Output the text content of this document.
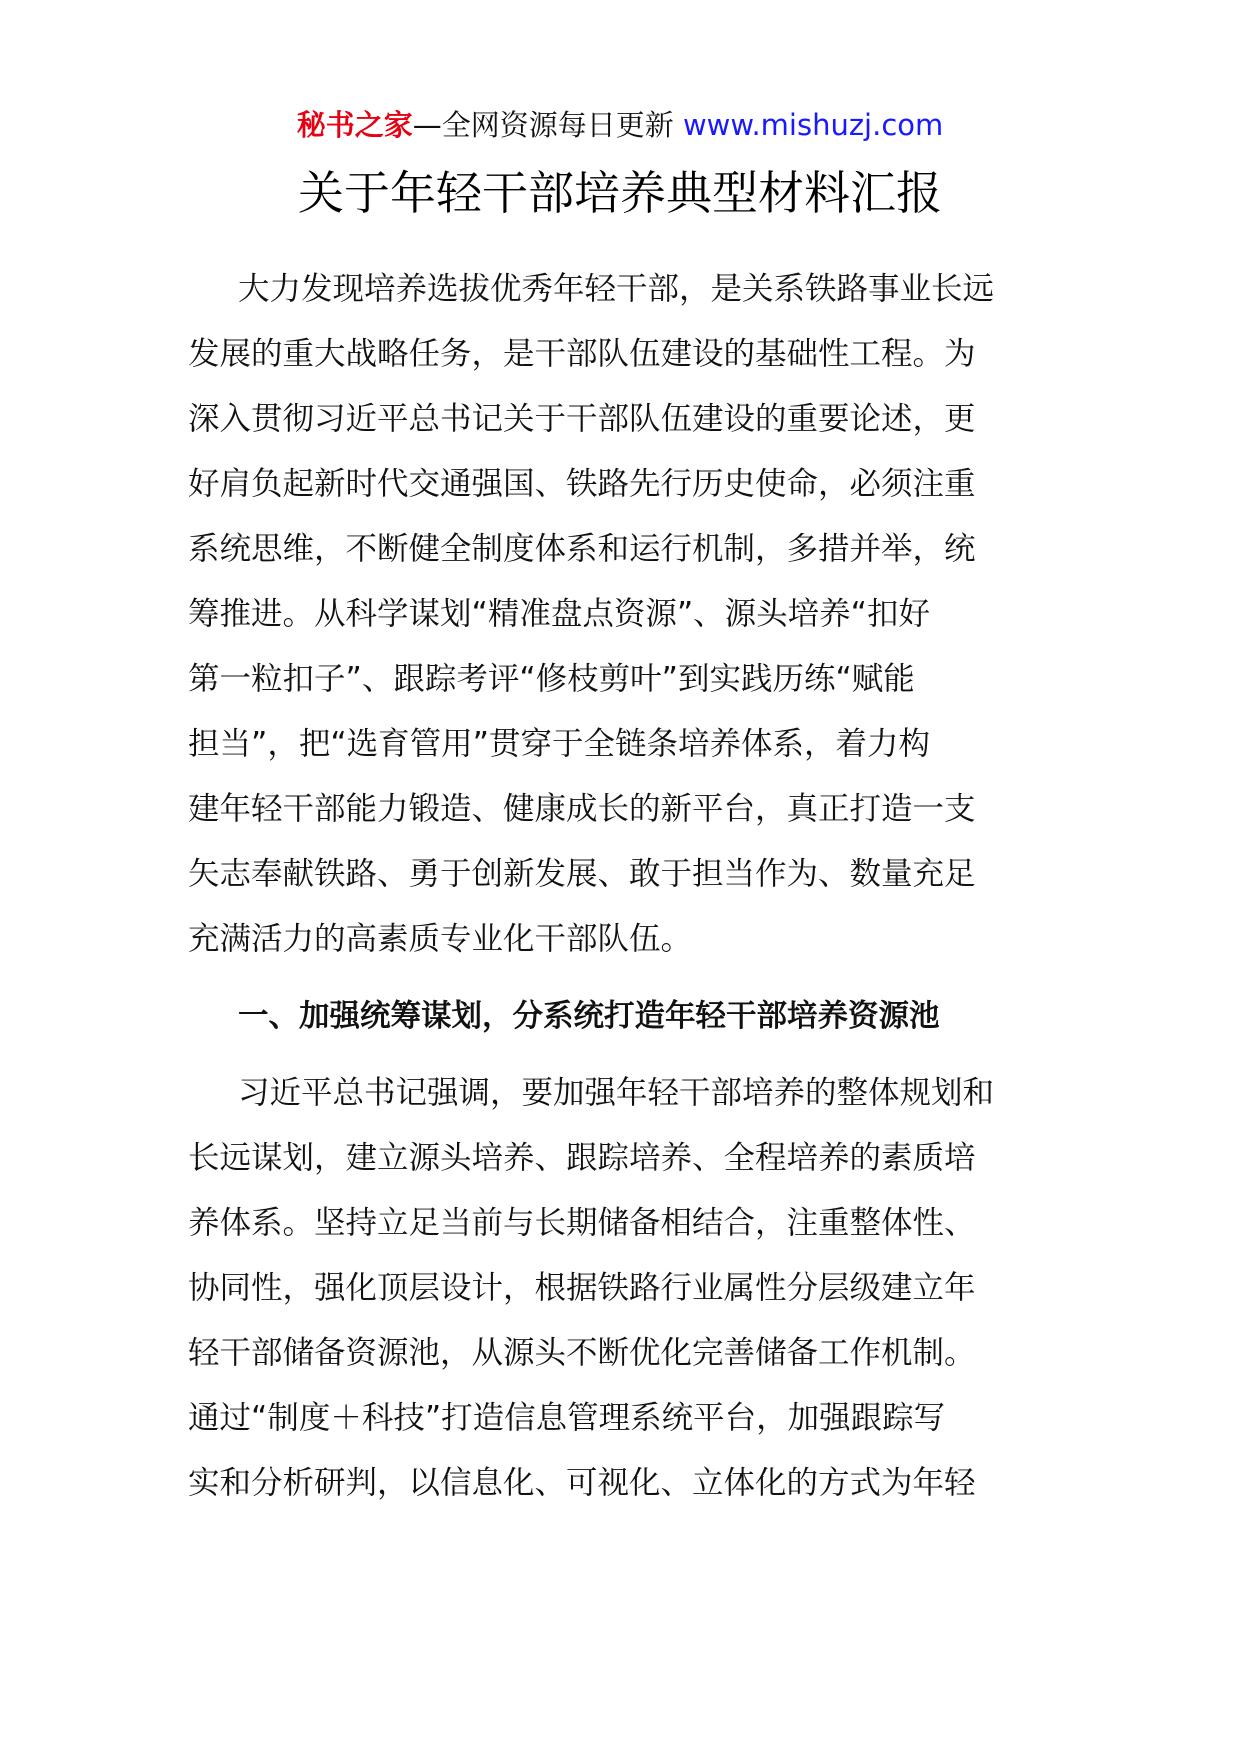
秘书之家—全网资源每日更新 www.mishuzj.com
关于年轻干部培养典型材料汇报
大力发现培养选拔优秀年轻干部，是关系铁路事业长远
发展的重大战略任务，是干部队伍建设的基础性工程。为
深入贯彻习近平总书记关于干部队伍建设的重要论述，更
好肩负起新时代交通强国、铁路先行历史使命，必须注重
系统思维，不断健全制度体系和运行机制，多措并举，统
筹推进。从科学谋划“精准盘点资源”、源头培养“扣好
第一粒扣子”、跟踪考评“修枝剪叶”到实践历练“赋能
担当”，把“选育管用”贯穿于全链条培养体系，着力构
建年轻干部能力锻造、健康成长的新平台，真正打造一支
矢志奉献铁路、勇于创新发展、敢于担当作为、数量充足
充满活力的高素质专业化干部队伍。
一、加强统筹谋划，分系统打造年轻干部培养资源池
习近平总书记强调，要加强年轻干部培养的整体规划和
长远谋划，建立源头培养、跟踪培养、全程培养的素质培
养体系。坚持立足当前与长期储备相结合，注重整体性、
协同性，强化顶层设计，根据铁路行业属性分层级建立年
轻干部储备资源池，从源头不断优化完善储备工作机制。
通过“制度＋科技”打造信息管理系统平台，加强跟踪写
实和分析研判，以信息化、可视化、立体化的方式为年轻
